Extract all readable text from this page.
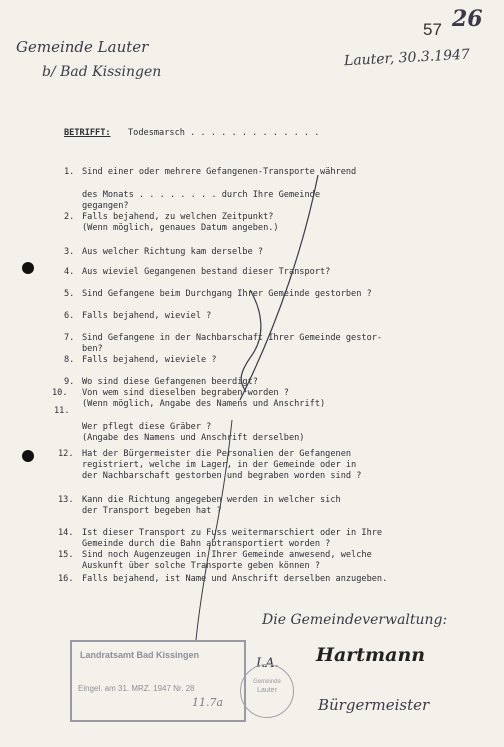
57 26
Gemeinde Lauter
b/ Bad Kissingen
Lauter, 30.3.1947
BETRIFFT: Todesmarsch . . . . . . . . . . . . .
1. Sind einer oder mehrere Gefangenen-Transporte während
des Monats . . . . . . . . durch Ihre Gemeinde
gegangen?
2. Falls bejahend, zu welchen Zeitpunkt?
(Wenn möglich, genaues Datum angeben.)
3. Aus welcher Richtung kam derselbe ?
4. Aus wieviel Gegangenen bestand dieser Transport?
5. Sind Gefangene beim Durchgang Ihrer Gemeinde gestorben ?
6. Falls bejahend, wieviel ?
7. Sind Gefangene in der Nachbarschaft Ihrer Gemeinde gestor-
ben?
8. Falls bejahend, wieviele ?
9. Wo sind diese Gefangenen beerdigt?
10. Von wem sind dieselben begraben worden ?
(Wenn möglich, Angabe des Namens und Anschrift)
11.
Wer pflegt diese Gräber ?
(Angabe des Namens und Anschrift derselben)
12. Hat der Bürgermeister die Personalien der Gefangenen
registriert, welche im Lager, in der Gemeinde oder in
der Nachbarschaft gestorben und begraben worden sind ?
13. Kann die Richtung angegeben werden in welcher sich
der Transport begeben hat ?
14. Ist dieser Transport zu Fuss weitermarschiert oder in Ihre
Gemeinde durch die Bahn abtransportiert worden ?
15. Sind noch Augenzeugen in Ihrer Gemeinde anwesend, welche
Auskunft über solche Transporte geben können ?
16. Falls bejahend, ist Name und Anschrift derselben anzugeben.
Die Gemeindeverwaltung:
I.A. Hartmann
Bürgermeister
Landratsamt Bad Kissingen
Eingel. am 31. MRZ. 1947 Nr. 28
11.7a
Gemeinde
Lauter
